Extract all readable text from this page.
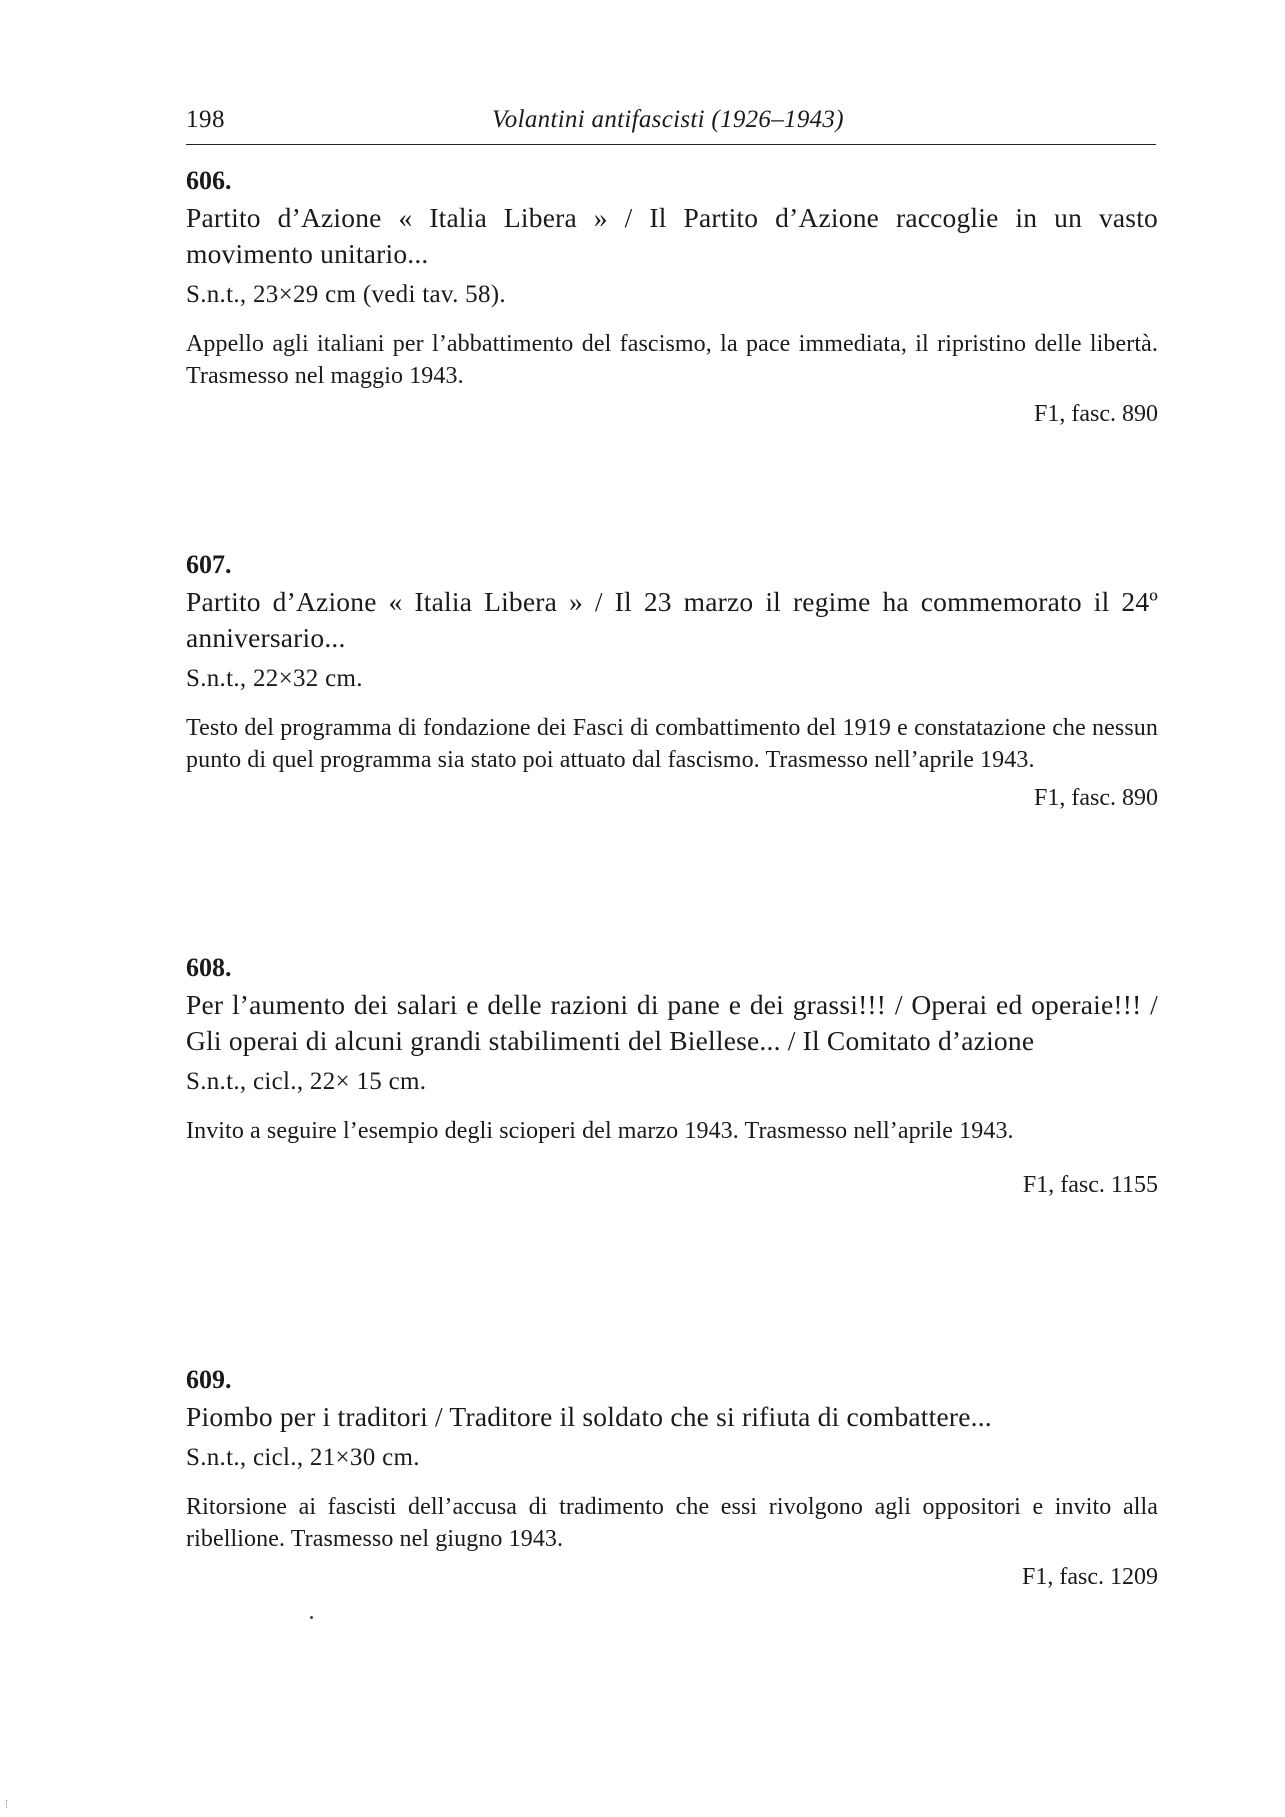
198	Volantini antifascisti (1926–1943)

606.

Partito d’Azione « Italia Libera » / Il Partito d’Azione raccoglie in un vasto movimento unitario...

S.n.t., 23×29 cm (vedi tav. 58).

Appello agli italiani per l’abbattimento del fascismo, la pace immediata, il ripristino delle libertà. Trasmesso nel maggio 1943.

F1, fasc. 890

607.

Partito d’Azione « Italia Libera » / Il 23 marzo il regime ha commemorato il 24º anniversario...

S.n.t., 22×32 cm.

Testo del programma di fondazione dei Fasci di combattimento del 1919 e constatazione che nessun punto di quel programma sia stato poi attuato dal fascismo. Trasmesso nell’aprile 1943.

F1, fasc. 890

608.

Per l’aumento dei salari e delle razioni di pane e dei grassi!!! / Operai ed operaie!!! / Gli operai di alcuni grandi stabilimenti del Biellese... / Il Comitato d’azione

S.n.t., cicl., 22× 15 cm.

Invito a seguire l’esempio degli scioperi del marzo 1943. Trasmesso nell’aprile 1943.

F1, fasc. 1155

609.

Piombo per i traditori / Traditore il soldato che si rifiuta di combattere...

S.n.t., cicl., 21×30 cm.

Ritorsione ai fascisti dell’accusa di tradimento che essi rivolgono agli oppositori e invito alla ribellione. Trasmesso nel giugno 1943.

F1, fasc. 1209
